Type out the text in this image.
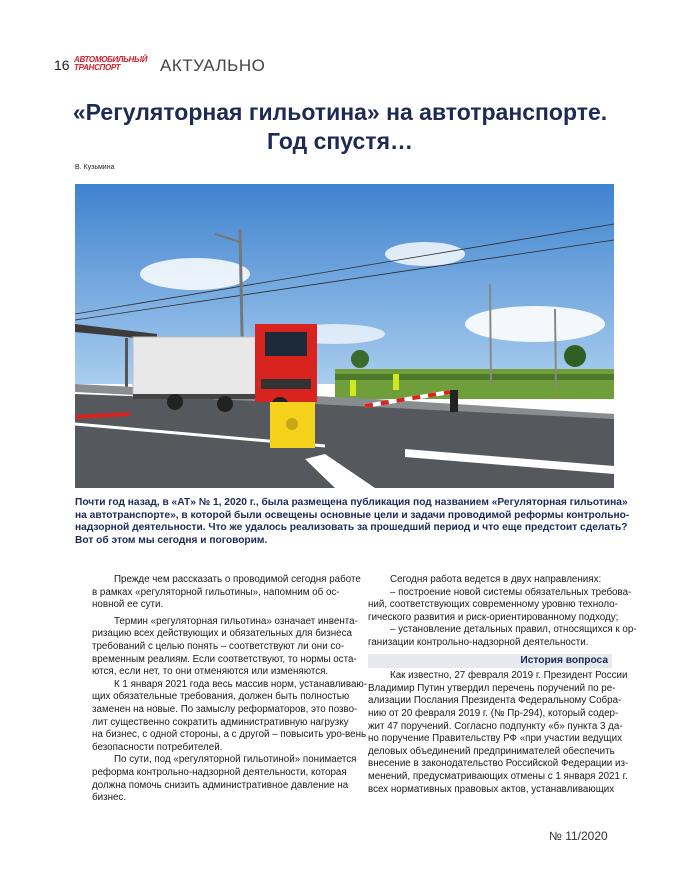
16 АВТОМОБИЛЬНЫЙ
ТРАНСПОРТ	АКТУАЛЬНО
«Регуляторная гильотина» на автотранспорте.
Год спустя…
В. Кузьмина

Почти год назад, в «АТ» № 1, 2020 г., была размещена публикация под названием «Регуляторная гильотина»
на автотранспорте», в которой были освещены основные цели и задачи проводимой реформы контрольно-
надзорной деятельности. Что же удалось реализовать за прошедший период и что еще предстоит сделать?
Вот об этом мы сегодня и поговорим.

Прежде чем рассказать о проводимой сегодня работе
в рамках «регуляторной гильотины», напомним об ос-
новной ее сути.
Термин «регуляторная гильотина» означает инвента-
ризацию всех действующих и обязательных для бизнеса
требований с целью понять – соответствуют ли они со-
временным реалиям. Если соответствуют, то нормы оста-
ются, если нет, то они отменяются или изменяются.
К 1 января 2021 года весь массив норм, устанавливаю-
щих обязательные требования, должен быть полностью
заменен на новые. По замыслу реформаторов, это позво-
лит существенно сократить административную нагрузку
на бизнес, с одной стороны, а с другой – повысить уро-вень
безопасности потребителей.
По сути, под «регуляторной гильотиной» понимается
реформа контрольно-надзорной деятельности, которая
должна помочь снизить административное давление на
бизнес.
Сегодня работа ведется в двух направлениях:
– построение новой системы обязательных требова-
ний, соответствующих современному уровню техноло-
гического развития и риск-ориентированному подходу;
– установление детальных правил, относящихся к ор-
ганизации контрольно-надзорной деятельности.
История вопроса
Как известно, 27 февраля 2019 г. Президент России
Владимир Путин утвердил перечень поручений по ре-
ализации Послания Президента Федеральному Собра-
нию от 20 февраля 2019 г. (№ Пр-294), который содер-
жит 47 поручений. Согласно подпункту «б» пункта 3 да-
но поручение Правительству РФ «при участии ведущих
деловых объединений предпринимателей обеспечить
внесение в законодательство Российской Федерации из-
менений, предусматривающих отмены с 1 января 2021 г.
всех нормативных правовых актов, устанавливающих
№ 11/2020
